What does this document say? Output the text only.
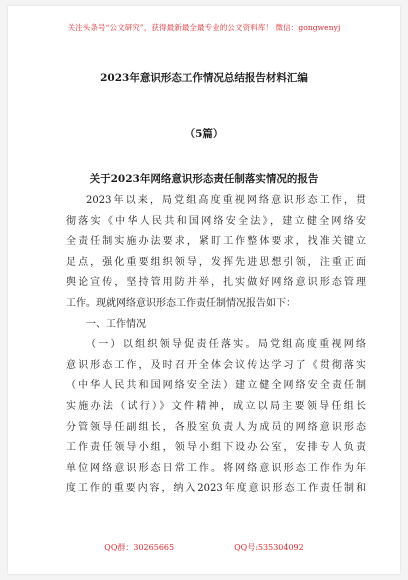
关注头条号“公文研究”，获得最新最全最专业的公文资料库！ 微信：gongwenyj
2023年意识形态工作情况总结报告材料汇编
（5篇）
关于2023年网络意识形态责任制落实情况的报告
2023年以来，局党组高度重视网络意识形态工作，贯
彻落实《中华人民共和国网络安全法》，建立健全网络安
全责任制实施办法要求，紧盯工作整体要求，找准关键立
足点，强化重要组织领导，发挥先进思想引领，注重正面
舆论宣传，坚持管用防并举，扎实做好网络意识形态管理
工作。现就网络意识形态工作责任制情况报告如下：
一、工作情况
（一）以组织领导促责任落实。局党组高度重视网络
意识形态工作，及时召开全体会议传达学习了《贯彻落实
（中华人民共和国网络安全法）建立健全网络安全责任制
实施办法（试行）》文件精神，成立以局主要领导任组长
分管领导任副组长，各股室负责人为成员的网络意识形态
工作责任领导小组，领导小组下设办公室，安排专人负责
单位网络意识形态日常工作。将网络意识形态工作作为年
度工作的重要内容，纳入2023年度意识形态工作责任制和
QQ群：30265665	QQ号:535304092
